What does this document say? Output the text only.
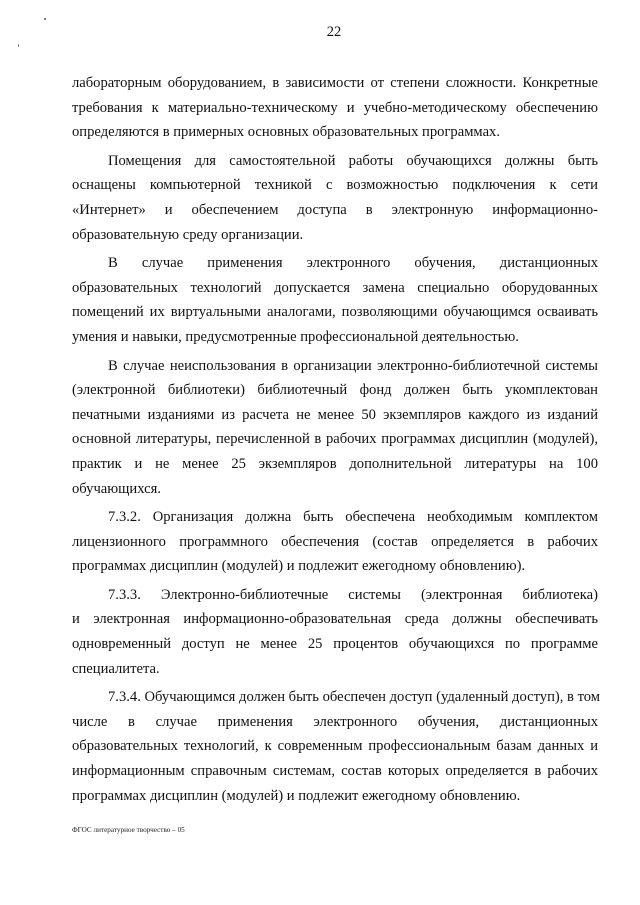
22
лабораторным оборудованием, в зависимости от степени сложности. Конкретные
требования к материально-техническому и учебно-методическому обеспечению
определяются в примерных основных образовательных программах.
Помещения для самостоятельной работы обучающихся должны быть
оснащены компьютерной техникой с возможностью подключения к сети
«Интернет» и обеспечением доступа в электронную информационно-
образовательную среду организации.
В случае применения электронного обучения, дистанционных
образовательных технологий допускается замена специально оборудованных
помещений их виртуальными аналогами, позволяющими обучающимся осваивать
умения и навыки, предусмотренные профессиональной деятельностью.
В случае неиспользования в организации электронно-библиотечной системы
(электронной библиотеки) библиотечный фонд должен быть укомплектован
печатными изданиями из расчета не менее 50 экземпляров каждого из изданий
основной литературы, перечисленной в рабочих программах дисциплин (модулей),
практик и не менее 25 экземпляров дополнительной литературы на 100
обучающихся.
7.3.2. Организация должна быть обеспечена необходимым комплектом
лицензионного программного обеспечения (состав определяется в рабочих
программах дисциплин (модулей) и подлежит ежегодному обновлению).
7.3.3. Электронно-библиотечные системы (электронная библиотека)
и электронная информационно-образовательная среда должны обеспечивать
одновременный доступ не менее 25 процентов обучающихся по программе
специалитета.
7.3.4. Обучающимся должен быть обеспечен доступ (удаленный доступ), в том
числе в случае применения электронного обучения, дистанционных
образовательных технологий, к современным профессиональным базам данных и
информационным справочным системам, состав которых определяется в рабочих
программах дисциплин (модулей) и подлежит ежегодному обновлению.
ФГОС литературное творчество – 05
